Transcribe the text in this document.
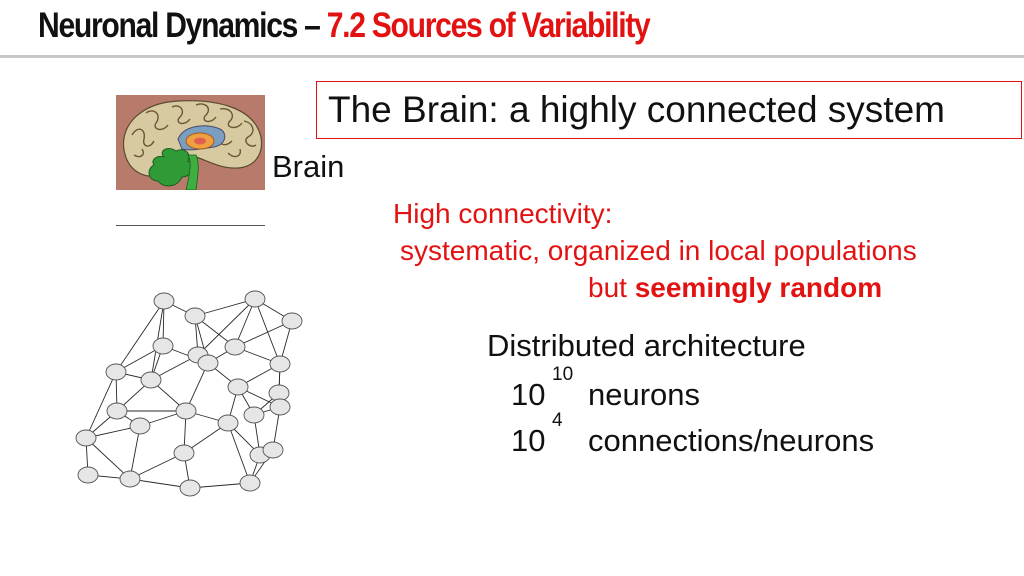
Neuronal Dynamics – 7.2 Sources of Variability
Brain
The Brain: a highly connected system
High connectivity:
systematic, organized in local populations
but seemingly random
Distributed architecture
10
10
neurons
10
4
connections/neurons
